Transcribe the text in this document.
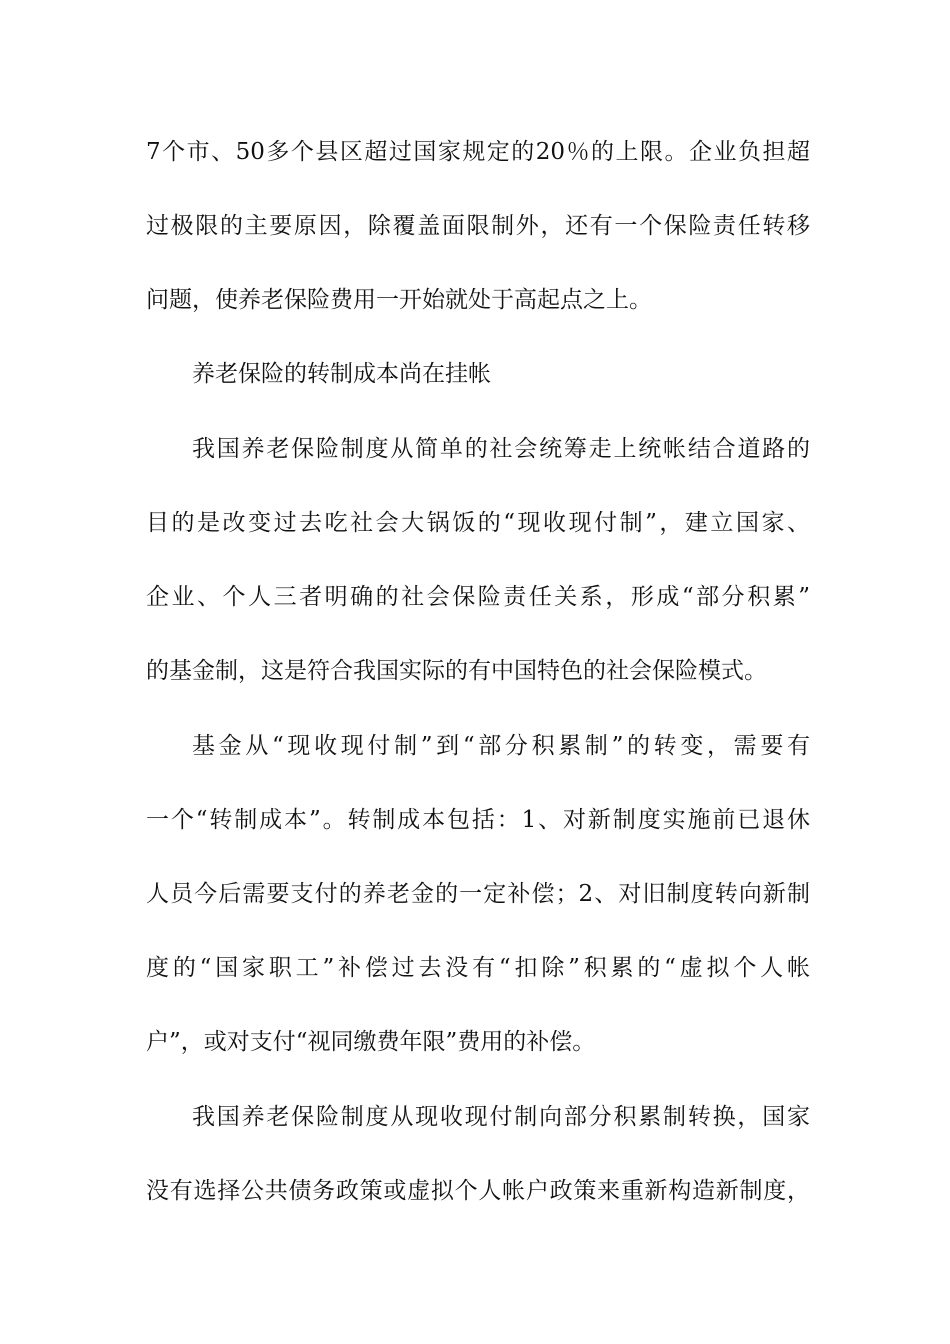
7个市、50多个县区超过国家规定的20％的上限。企业负担超
过极限的主要原因，除覆盖面限制外，还有一个保险责任转移
问题，使养老保险费用一开始就处于高起点之上。
养老保险的转制成本尚在挂帐
我国养老保险制度从简单的社会统筹走上统帐结合道路的
目的是改变过去吃社会大锅饭的“现收现付制”，建立国家、
企业、个人三者明确的社会保险责任关系，形成“部分积累”
的基金制，这是符合我国实际的有中国特色的社会保险模式。
基金从“现收现付制”到“部分积累制”的转变，需要有
一个“转制成本”。转制成本包括：1、对新制度实施前已退休
人员今后需要支付的养老金的一定补偿；2、对旧制度转向新制
度的“国家职工”补偿过去没有“扣除”积累的“虚拟个人帐
户”，或对支付“视同缴费年限”费用的补偿。
我国养老保险制度从现收现付制向部分积累制转换，国家
没有选择公共债务政策或虚拟个人帐户政策来重新构造新制度，
